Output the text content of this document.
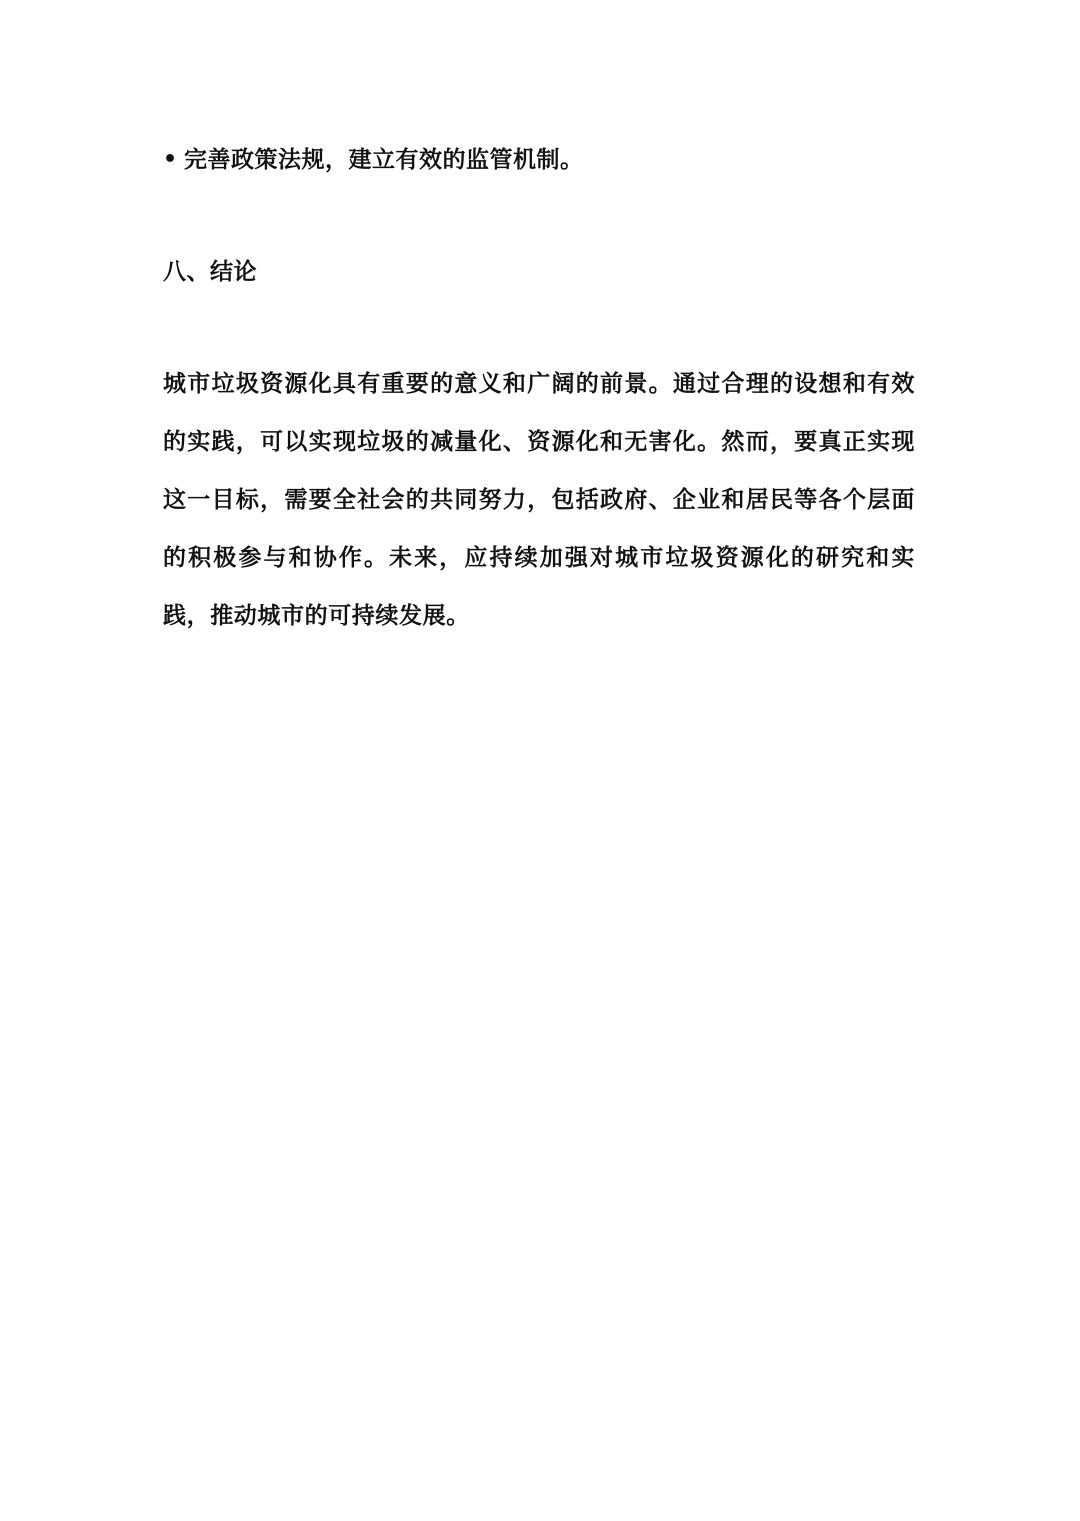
• 完善政策法规，建立有效的监管机制。
八、结论

城市垃圾资源化具有重要的意义和广阔的前景。通过合理的设想和有效的实践，可以实现垃圾的减量化、资源化和无害化。然而，要真正实现这一目标，需要全社会的共同努力，包括政府、企业和居民等各个层面的积极参与和协作。未来，应持续加强对城市垃圾资源化的研究和实践，推动城市的可持续发展。
